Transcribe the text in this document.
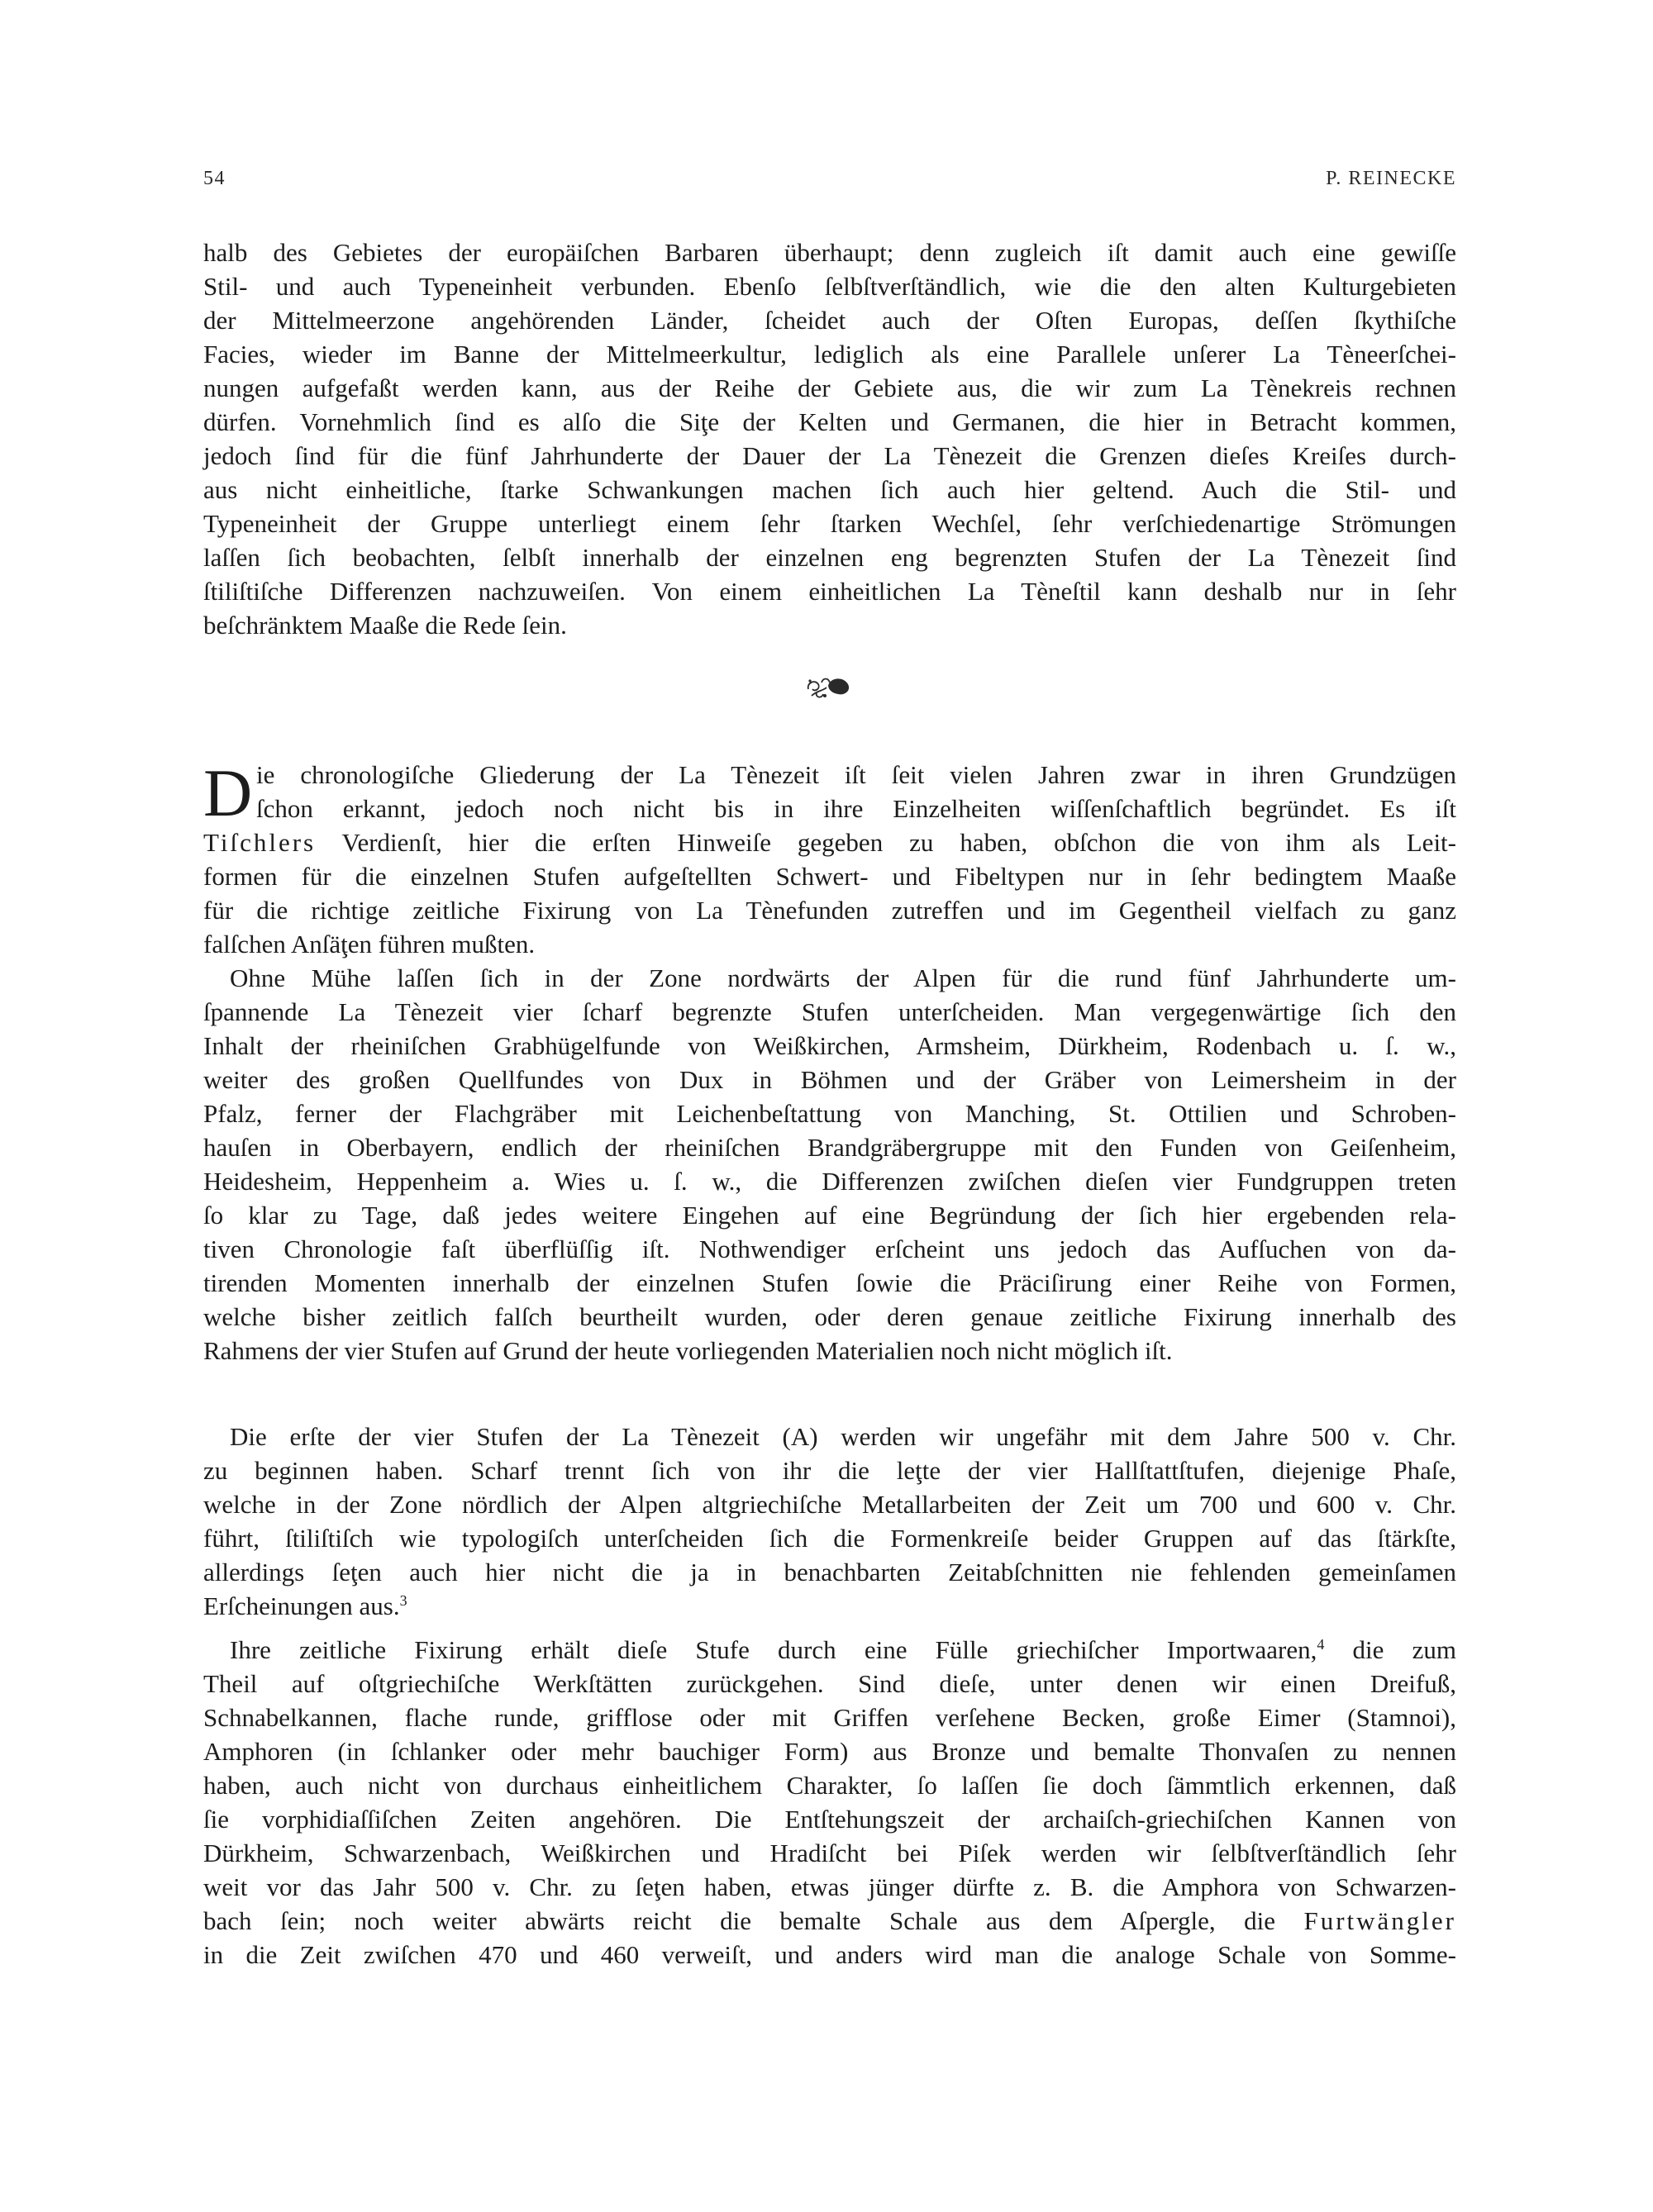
54	P. REINECKE
halb des Gebietes der europäiſchen Barbaren überhaupt; denn zugleich iſt damit auch eine gewiſſe
Stil- und auch Typeneinheit verbunden. Ebenſo ſelbſtverſtändlich, wie die den alten Kulturgebieten
der Mittelmeerzone angehörenden Länder, ſcheidet auch der Oſten Europas, deſſen ſkythiſche
Facies, wieder im Banne der Mittelmeerkultur, lediglich als eine Parallele unſerer La Tèneerſchei-
nungen aufgefaßt werden kann, aus der Reihe der Gebiete aus, die wir zum La Tènekreis rechnen
dürfen. Vornehmlich ſind es alſo die Siţe der Kelten und Germanen, die hier in Betracht kommen,
jedoch ſind für die fünf Jahrhunderte der Dauer der La Tènezeit die Grenzen dieſes Kreiſes durch-
aus nicht einheitliche, ſtarke Schwankungen machen ſich auch hier geltend. Auch die Stil- und
Typeneinheit der Gruppe unterliegt einem ſehr ſtarken Wechſel, ſehr verſchiedenartige Strömungen
laſſen ſich beobachten, ſelbſt innerhalb der einzelnen eng begrenzten Stufen der La Tènezeit ſind
ſtiliſtiſche Differenzen nachzuweiſen. Von einem einheitlichen La Tèneſtil kann deshalb nur in ſehr
beſchränktem Maaße die Rede ſein.
D ie chronologiſche Gliederung der La Tènezeit iſt ſeit vielen Jahren zwar in ihren Grundzügen
ſchon erkannt, jedoch noch nicht bis in ihre Einzelheiten wiſſenſchaftlich begründet. Es iſt
Tiſchlers Verdienſt, hier die erſten Hinweiſe gegeben zu haben, obſchon die von ihm als Leit-
formen für die einzelnen Stufen aufgeſtellten Schwert- und Fibeltypen nur in ſehr bedingtem Maaße
für die richtige zeitliche Fixirung von La Tènefunden zutreffen und im Gegentheil vielfach zu ganz
falſchen Anſäţen führen mußten.
Ohne Mühe laſſen ſich in der Zone nordwärts der Alpen für die rund fünf Jahrhunderte um-
ſpannende La Tènezeit vier ſcharf begrenzte Stufen unterſcheiden. Man vergegenwärtige ſich den
Inhalt der rheiniſchen Grabhügelfunde von Weißkirchen, Armsheim, Dürkheim, Rodenbach u. ſ. w.,
weiter des großen Quellfundes von Dux in Böhmen und der Gräber von Leimersheim in der
Pfalz, ferner der Flachgräber mit Leichenbeſtattung von Manching, St. Ottilien und Schroben-
hauſen in Oberbayern, endlich der rheiniſchen Brandgräbergruppe mit den Funden von Geiſenheim,
Heidesheim, Heppenheim a. Wies u. ſ. w., die Differenzen zwiſchen dieſen vier Fundgruppen treten
ſo klar zu Tage, daß jedes weitere Eingehen auf eine Begründung der ſich hier ergebenden rela-
tiven Chronologie faſt überflüſſig iſt. Nothwendiger erſcheint uns jedoch das Aufſuchen von da-
tirenden Momenten innerhalb der einzelnen Stufen ſowie die Präciſirung einer Reihe von Formen,
welche bisher zeitlich falſch beurtheilt wurden, oder deren genaue zeitliche Fixirung innerhalb des
Rahmens der vier Stufen auf Grund der heute vorliegenden Materialien noch nicht möglich iſt.
Die erſte der vier Stufen der La Tènezeit (A) werden wir ungefähr mit dem Jahre 500 v. Chr.
zu beginnen haben. Scharf trennt ſich von ihr die leţte der vier Hallſtattſtufen, diejenige Phaſe,
welche in der Zone nördlich der Alpen altgriechiſche Metallarbeiten der Zeit um 700 und 600 v. Chr.
führt, ſtiliſtiſch wie typologiſch unterſcheiden ſich die Formenkreiſe beider Gruppen auf das ſtärkſte,
allerdings ſeţen auch hier nicht die ja in benachbarten Zeitabſchnitten nie fehlenden gemeinſamen
Erſcheinungen aus.$^3$
Ihre zeitliche Fixirung erhält dieſe Stufe durch eine Fülle griechiſcher Importwaaren,$^4$ die zum
Theil auf oſtgriechiſche Werkſtätten zurückgehen. Sind dieſe, unter denen wir einen Dreifuß,
Schnabelkannen, flache runde, grifflose oder mit Griffen verſehene Becken, große Eimer (Stamnoi),
Amphoren (in ſchlanker oder mehr bauchiger Form) aus Bronze und bemalte Thonvaſen zu nennen
haben, auch nicht von durchaus einheitlichem Charakter, ſo laſſen ſie doch ſämmtlich erkennen, daß
ſie vorphidiaſſiſchen Zeiten angehören. Die Entſtehungszeit der archaiſch-griechiſchen Kannen von
Dürkheim, Schwarzenbach, Weißkirchen und Hradiſcht bei Piſek werden wir ſelbſtverſtändlich ſehr
weit vor das Jahr 500 v. Chr. zu ſeţen haben, etwas jünger dürfte z. B. die Amphora von Schwarzen-
bach ſein; noch weiter abwärts reicht die bemalte Schale aus dem Aſpergle, die Furtwängler
in die Zeit zwiſchen 470 und 460 verweiſt, und anders wird man die analoge Schale von Somme-
